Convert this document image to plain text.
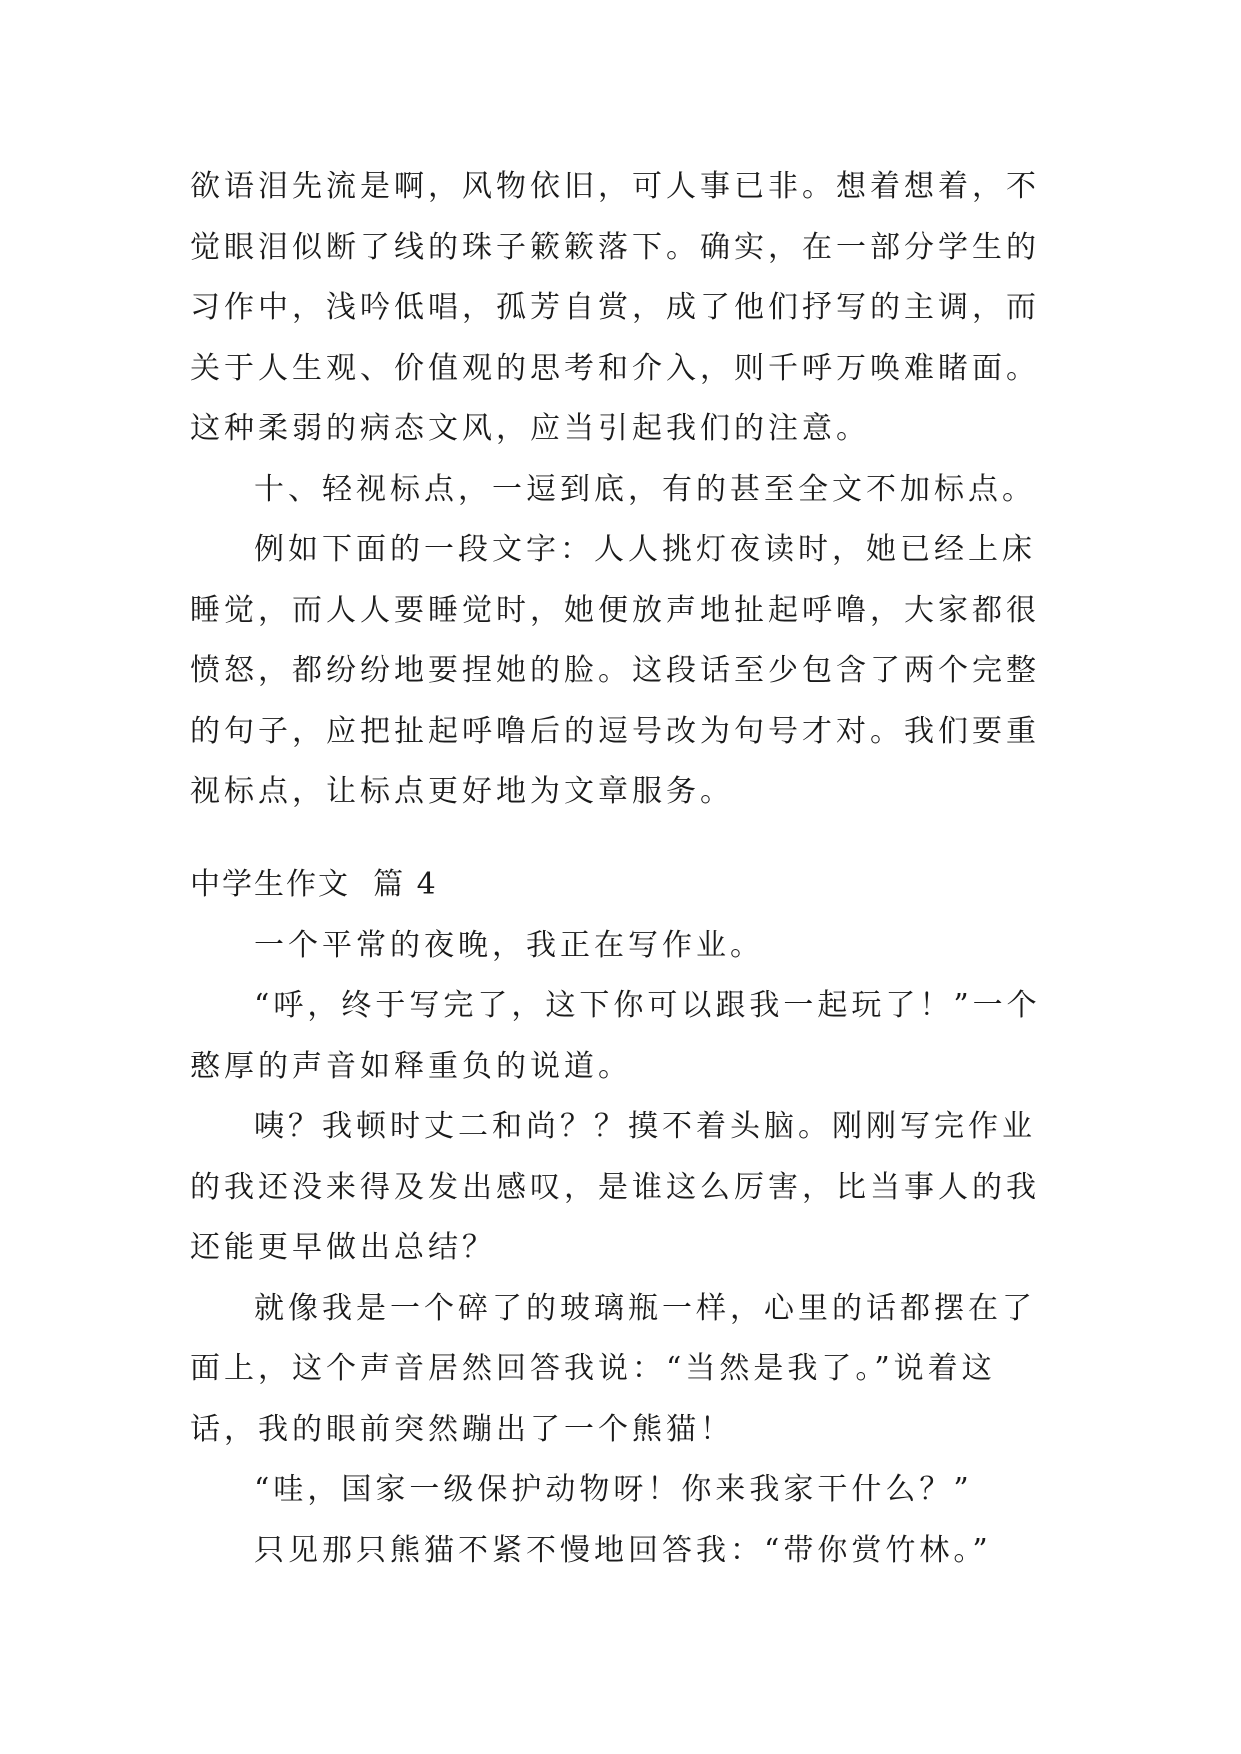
欲语泪先流是啊，风物依旧，可人事已非。想着想着，不觉眼泪似断了线的珠子簌簌落下。确实，在一部分学生的习作中，浅吟低唱，孤芳自赏，成了他们抒写的主调，而关于人生观、价值观的思考和介入，则千呼万唤难睹面。这种柔弱的病态文风，应当引起我们的注意。

十、轻视标点，一逗到底，有的甚至全文不加标点。

例如下面的一段文字：人人挑灯夜读时，她已经上床睡觉，而人人要睡觉时，她便放声地扯起呼噜，大家都很愤怒，都纷纷地要捏她的脸。这段话至少包含了两个完整的句子，应把扯起呼噜后的逗号改为句号才对。我们要重视标点，让标点更好地为文章服务。

中学生作文  篇 4

一个平常的夜晚，我正在写作业。

“呼，终于写完了，这下你可以跟我一起玩了！”一个憨厚的声音如释重负的说道。

咦？我顿时丈二和尚？？摸不着头脑。刚刚写完作业的我还没来得及发出感叹，是谁这么厉害，比当事人的我还能更早做出总结？

就像我是一个碎了的玻璃瓶一样，心里的话都摆在了面上，这个声音居然回答我说：“当然是我了。”说着这话，我的眼前突然蹦出了一个熊猫！

“哇，国家一级保护动物呀！你来我家干什么？”

只见那只熊猫不紧不慢地回答我：“带你赏竹林。”
